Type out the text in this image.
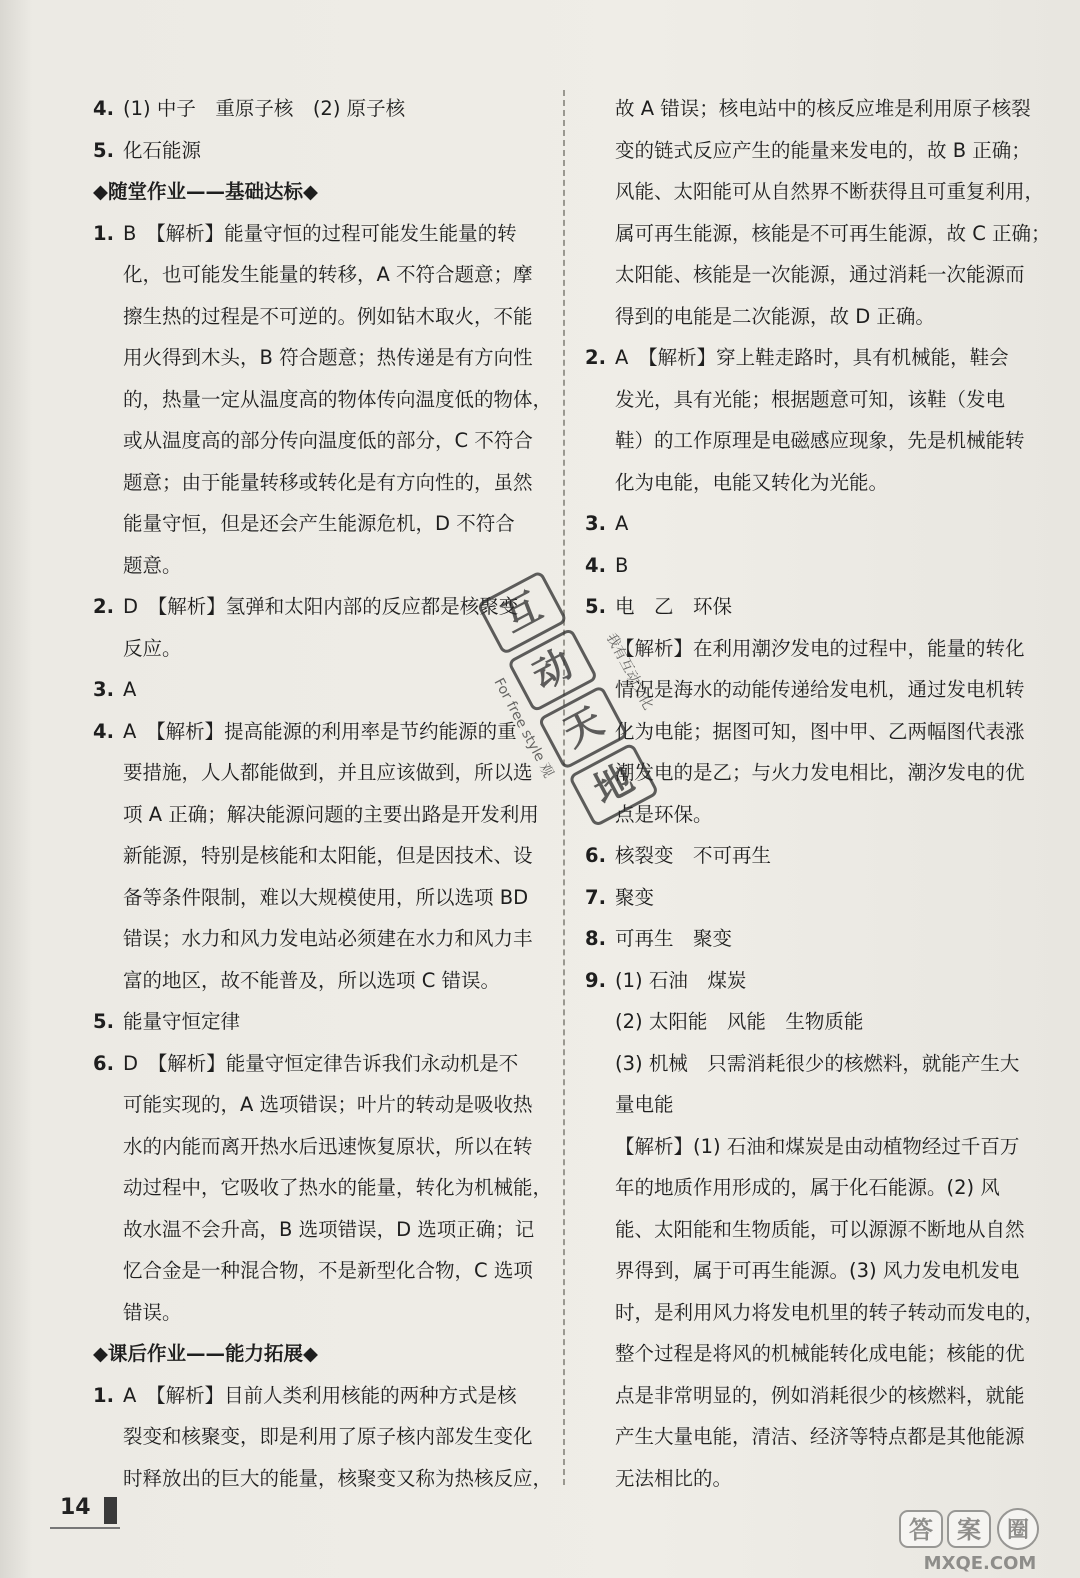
4. (1) 中子　重原子核　(2) 原子核
5. 化石能源
◆随堂作业——基础达标◆
1. B　【解析】能量守恒的过程可能发生能量的转
化，也可能发生能量的转移，A 不符合题意；摩
擦生热的过程是不可逆的。例如钻木取火，不能
用火得到木头，B 符合题意；热传递是有方向性
的，热量一定从温度高的物体传向温度低的物体，
或从温度高的部分传向温度低的部分，C 不符合
题意；由于能量转移或转化是有方向性的，虽然
能量守恒，但是还会产生能源危机，D 不符合
题意。
2. D　【解析】氢弹和太阳内部的反应都是核聚变
反应。
3. A
4. A　【解析】提高能源的利用率是节约能源的重
要措施，人人都能做到，并且应该做到，所以选
项 A 正确；解决能源问题的主要出路是开发利用
新能源，特别是核能和太阳能，但是因技术、设
备等条件限制，难以大规模使用，所以选项 BD
错误；水力和风力发电站必须建在水力和风力丰
富的地区，故不能普及，所以选项 C 错误。
5. 能量守恒定律
6. D　【解析】能量守恒定律告诉我们永动机是不
可能实现的，A 选项错误；叶片的转动是吸收热
水的内能而离开热水后迅速恢复原状，所以在转
动过程中，它吸收了热水的能量，转化为机械能，
故水温不会升高，B 选项错误，D 选项正确；记
忆合金是一种混合物，不是新型化合物，C 选项
错误。
◆课后作业——能力拓展◆
1. A　【解析】目前人类利用核能的两种方式是核
裂变和核聚变，即是利用了原子核内部发生变化
时释放出的巨大的能量，核聚变又称为热核反应，
故 A 错误；核电站中的核反应堆是利用原子核裂
变的链式反应产生的能量来发电的，故 B 正确；
风能、太阳能可从自然界不断获得且可重复利用，
属可再生能源，核能是不可再生能源，故 C 正确；
太阳能、核能是一次能源，通过消耗一次能源而
得到的电能是二次能源，故 D 正确。
2. A　【解析】穿上鞋走路时，具有机械能，鞋会
发光，具有光能；根据题意可知，该鞋（发电
鞋）的工作原理是电磁感应现象，先是机械能转
化为电能，电能又转化为光能。
3. A
4. B
5. 电　乙　环保
【解析】在利用潮汐发电的过程中，能量的转化
情况是海水的动能传递给发电机，通过发电机转
化为电能；据图可知，图中甲、乙两幅图代表涨
潮发电的是乙；与火力发电相比，潮汐发电的优
点是环保。
6. 核裂变　不可再生
7. 聚变
8. 可再生　聚变
9. (1) 石油　煤炭
(2) 太阳能　风能　生物质能
(3) 机械　只需消耗很少的核燃料，就能产生大
量电能
【解析】(1) 石油和煤炭是由动植物经过千百万
年的地质作用形成的，属于化石能源。(2) 风
能、太阳能和生物质能，可以源源不断地从自然
界得到，属于可再生能源。(3) 风力发电机发电
时，是利用风力将发电机里的转子转动而发电的，
整个过程是将风的机械能转化成电能；核能的优
点是非常明显的，例如消耗很少的核燃料，就能
产生大量电能，清洁、经济等特点都是其他能源
无法相比的。
互
动
天
地
For free style 观
我有互动文化
14
答 案 圈
MXQE.COM
